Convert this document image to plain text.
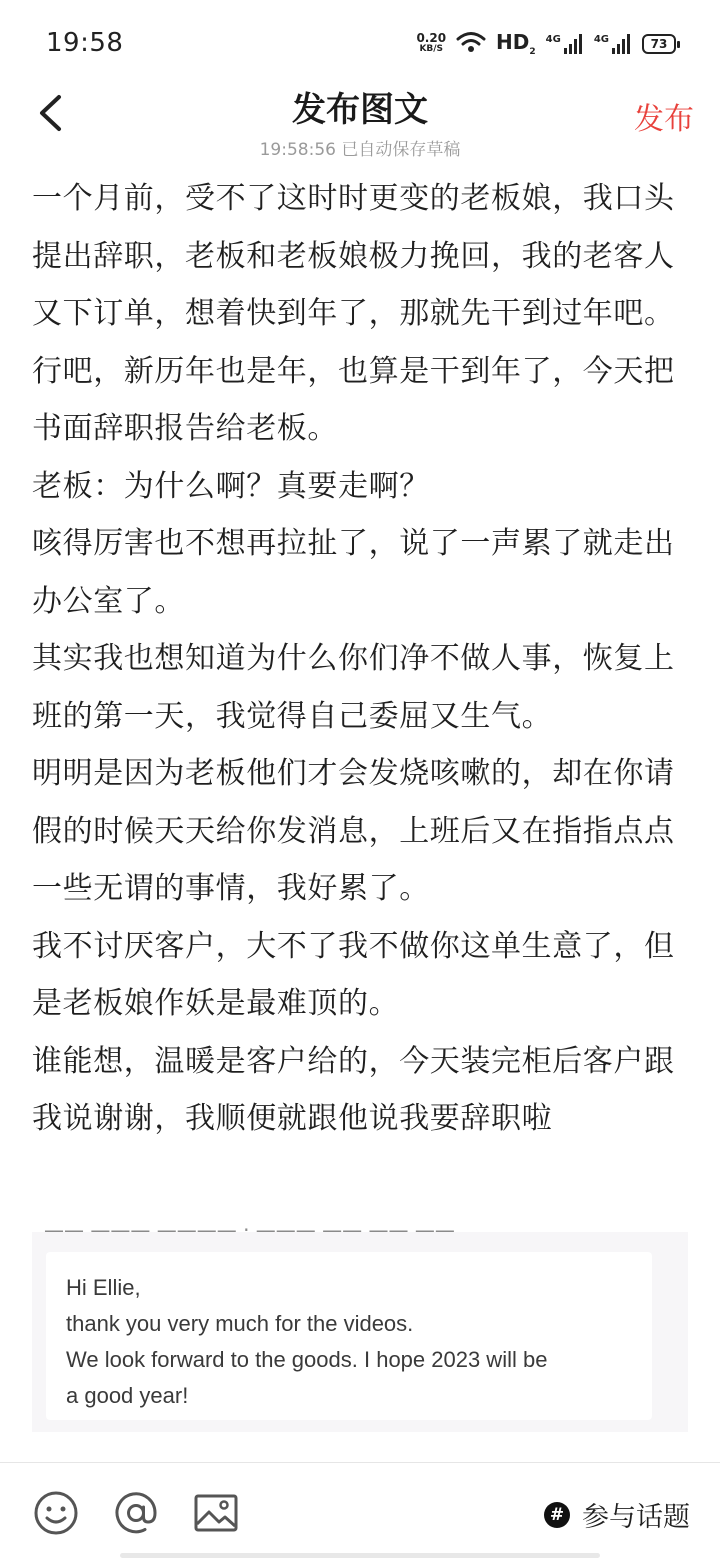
19:58	0.20
KB/S	$HD_2$
4G	4G	73
发布图文
19:58:56 已自动保存草稿
发布

一个月前，受不了这时时更变的老板娘，我口头提出辞职，老板和老板娘极力挽回，我的老客人又下订单，想着快到年了，那就先干到过年吧。

行吧，新历年也是年，也算是干到年了，今天把书面辞职报告给老板。

老板：为什么啊？真要走啊？

咳得厉害也不想再拉扯了，说了一声累了就走出办公室了。

其实我也想知道为什么你们净不做人事，恢复上班的第一天，我觉得自己委屈又生气。

明明是因为老板他们才会发烧咳嗽的，却在你请假的时候天天给你发消息，上班后又在指指点点一些无谓的事情，我好累了。

我不讨厌客户，大不了我不做你这单生意了，但是老板娘作妖是最难顶的。

谁能想，温暖是客户给的，今天装完柜后客户跟我说谢谢，我顺便就跟他说我要辞职啦

—— ——— ———— · ——— —— —— ——
Hi Ellie,
thank you very much for the videos.
We look forward to the goods. I hope 2023 will be
a good year!
# 参与话题
